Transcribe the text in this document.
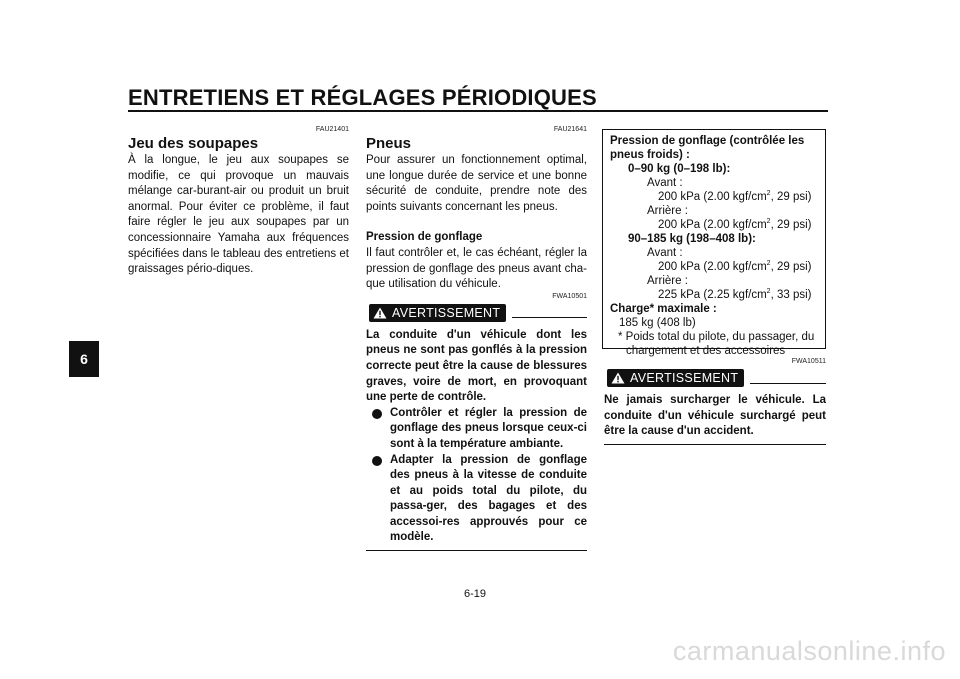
ENTRETIENS ET RÉGLAGES PÉRIODIQUES
6
FAU21401
Jeu des soupapes
À la longue, le jeu aux soupapes se modifie, ce qui provoque un mauvais mélange car-burant-air ou produit un bruit anormal. Pour éviter ce problème, il faut faire régler le jeu aux soupapes par un concessionnaire Yamaha aux fréquences spécifiées dans le tableau des entretiens et graissages pério-diques.
FAU21641
Pneus
Pour assurer un fonctionnement optimal, une longue durée de service et une bonne sécurité de conduite, prendre note des points suivants concernant les pneus.
Pression de gonflage
Il faut contrôler et, le cas échéant, régler la pression de gonflage des pneus avant cha-que utilisation du véhicule.
FWA10501
AVERTISSEMENT
La conduite d'un véhicule dont les pneus ne sont pas gonflés à la pression correcte peut être la cause de blessures graves, voire de mort, en provoquant une perte de contrôle.
Contrôler et régler la pression de gonflage des pneus lorsque ceux-ci sont à la température ambiante.
Adapter la pression de gonflage des pneus à la vitesse de conduite et au poids total du pilote, du passa-ger, des bagages et des accessoi-res approuvés pour ce modèle.
Pression de gonflage (contrôlée les pneus froids) :
0–90 kg (0–198 lb):
Avant :
200 kPa (2.00 kgf/$cm^2$, 29 psi)
Arrière :
200 kPa (2.00 kgf/$cm^2$, 29 psi)
90–185 kg (198–408 lb):
Avant :
200 kPa (2.00 kgf/$cm^2$, 29 psi)
Arrière :
225 kPa (2.25 kgf/$cm^2$, 33 psi)
Charge* maximale :
185 kg (408 lb)
* Poids total du pilote, du passager, du chargement et des accessoires
FWA10511
AVERTISSEMENT
Ne jamais surcharger le véhicule. La conduite d'un véhicule surchargé peut être la cause d'un accident.
6-19
carmanualsonline.info
